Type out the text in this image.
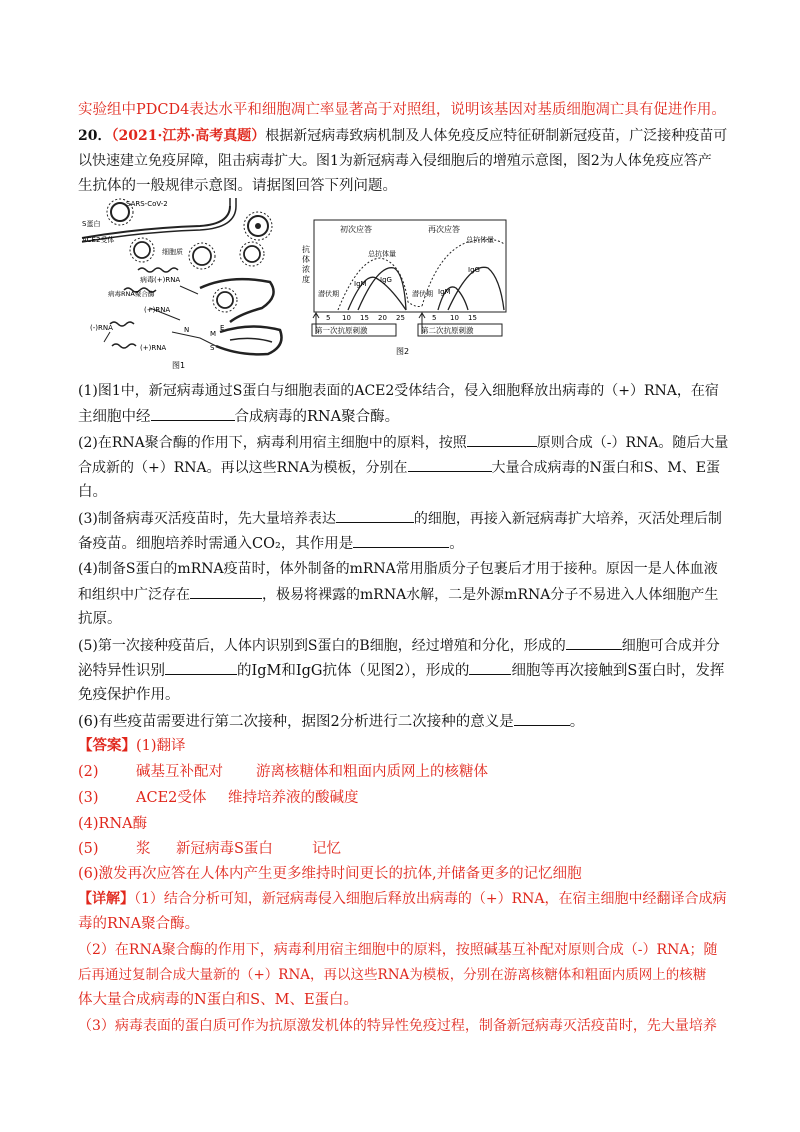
实验组中PDCD4表达水平和细胞凋亡率显著高于对照组，说明该基因对基质细胞凋亡具有促进作用。
20．（2021·江苏·高考真题）根据新冠病毒致病机制及人体免疫反应特征研制新冠疫苗，广泛接种疫苗可
以快速建立免疫屏障，阻击病毒扩大。图1为新冠病毒入侵细胞后的增殖示意图，图2为人体免疫应答产
生抗体的一般规律示意图。请据图回答下列问题。
SARS-CoV-2
S蛋白
ACE2受体
细胞质
病毒(+)RNA
病毒RNA聚合酶
(+)RNA
(-)RNA
(+)RNA
N	M
E
S
图1
抗
体
浓
度
初次应答	再次应答
总抗体量
总抗体量
IgM IgG
IgM
IgG
潜伏期	潜伏期
5 10 15 20 25	5 10 15
第一次抗原刺激	第二次抗原刺激
图2
(1)图1中，新冠病毒通过S蛋白与细胞表面的ACE2受体结合，侵入细胞释放出病毒的（+）RNA，在宿
主细胞中经	合成病毒的RNA聚合酶。
(2)在RNA聚合酶的作用下，病毒利用宿主细胞中的原料，按照	原则合成（-）RNA。随后大量
合成新的（+）RNA。再以这些RNA为模板，分别在	大量合成病毒的N蛋白和S、M、E蛋
白。
(3)制备病毒灭活疫苗时，先大量培养表达	的细胞，再接入新冠病毒扩大培养，灭活处理后制
备疫苗。细胞培养时需通入CO₂，其作用是	。
(4)制备S蛋白的mRNA疫苗时，体外制备的mRNA常用脂质分子包裹后才用于接种。原因一是人体血液
和组织中广泛存在	，极易将裸露的mRNA水解，二是外源mRNA分子不易进入人体细胞产生
抗原。
(5)第一次接种疫苗后，人体内识别到S蛋白的B细胞，经过增殖和分化，形成的	细胞可合成并分
泌特异性识别	的IgM和IgG抗体（见图2），形成的	细胞等再次接触到S蛋白时，发挥
免疫保护作用。
(6)有些疫苗需要进行第二次接种，据图2分析进行二次接种的意义是	。
【答案】(1)翻译
(2)	碱基互补配对 游离核糖体和粗面内质网上的核糖体
(3)	ACE2受体 维持培养液的酸碱度
(4)RNA酶
(5)	浆 新冠病毒S蛋白	记忆
(6)激发再次应答在人体内产生更多维持时间更长的抗体,并储备更多的记忆细胞
【详解】（1）结合分析可知，新冠病毒侵入细胞后释放出病毒的（+）RNA，在宿主细胞中经翻译合成病
毒的RNA聚合酶。
（2）在RNA聚合酶的作用下，病毒利用宿主细胞中的原料，按照碱基互补配对原则合成（-）RNA；随
后再通过复制合成大量新的（+）RNA，再以这些RNA为模板，分别在游离核糖体和粗面内质网上的核糖
体大量合成病毒的N蛋白和S、M、E蛋白。
（3）病毒表面的蛋白质可作为抗原激发机体的特异性免疫过程，制备新冠病毒灭活疫苗时，先大量培养
